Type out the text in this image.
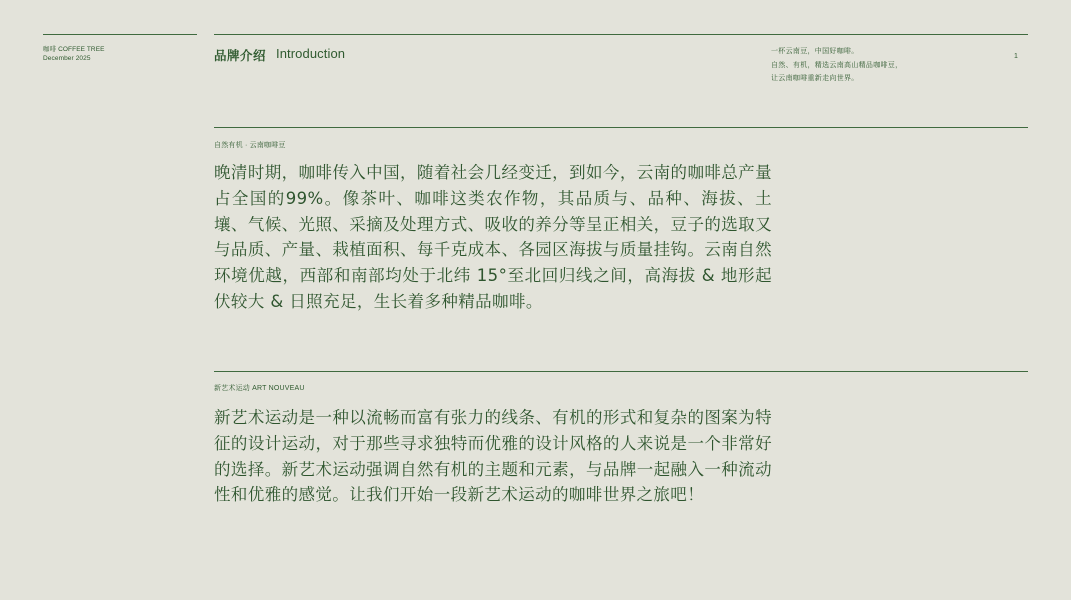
咖啡 COFFEE TREE
December 2025	品牌介绍 Introduction	一杯云南豆，中国好咖啡。
自然、有机，精选云南高山精品咖啡豆，
让云南咖啡重新走向世界。
1
自然有机 · 云南咖啡豆
晚清时期，咖啡传入中国，随着社会几经变迁，到如今，云南的咖啡总产量占全国的99%。像茶叶、咖啡这类农作物，其品质与、品种、海拔、土壤、气候、光照、采摘及处理方式、吸收的养分等呈正相关，豆子的选取又与品质、产量、栽植面积、每千克成本、各园区海拔与质量挂钩。云南自然环境优越，西部和南部均处于北纬 15°至北回归线之间，高海拔 & 地形起伏较大 & 日照充足，生长着多种精品咖啡。
新艺术运动 ART NOUVEAU
新艺术运动是一种以流畅而富有张力的线条、有机的形式和复杂的图案为特征的设计运动，对于那些寻求独特而优雅的设计风格的人来说是一个非常好的选择。新艺术运动强调自然有机的主题和元素，与品牌一起融入一种流动性和优雅的感觉。让我们开始一段新艺术运动的咖啡世界之旅吧！
